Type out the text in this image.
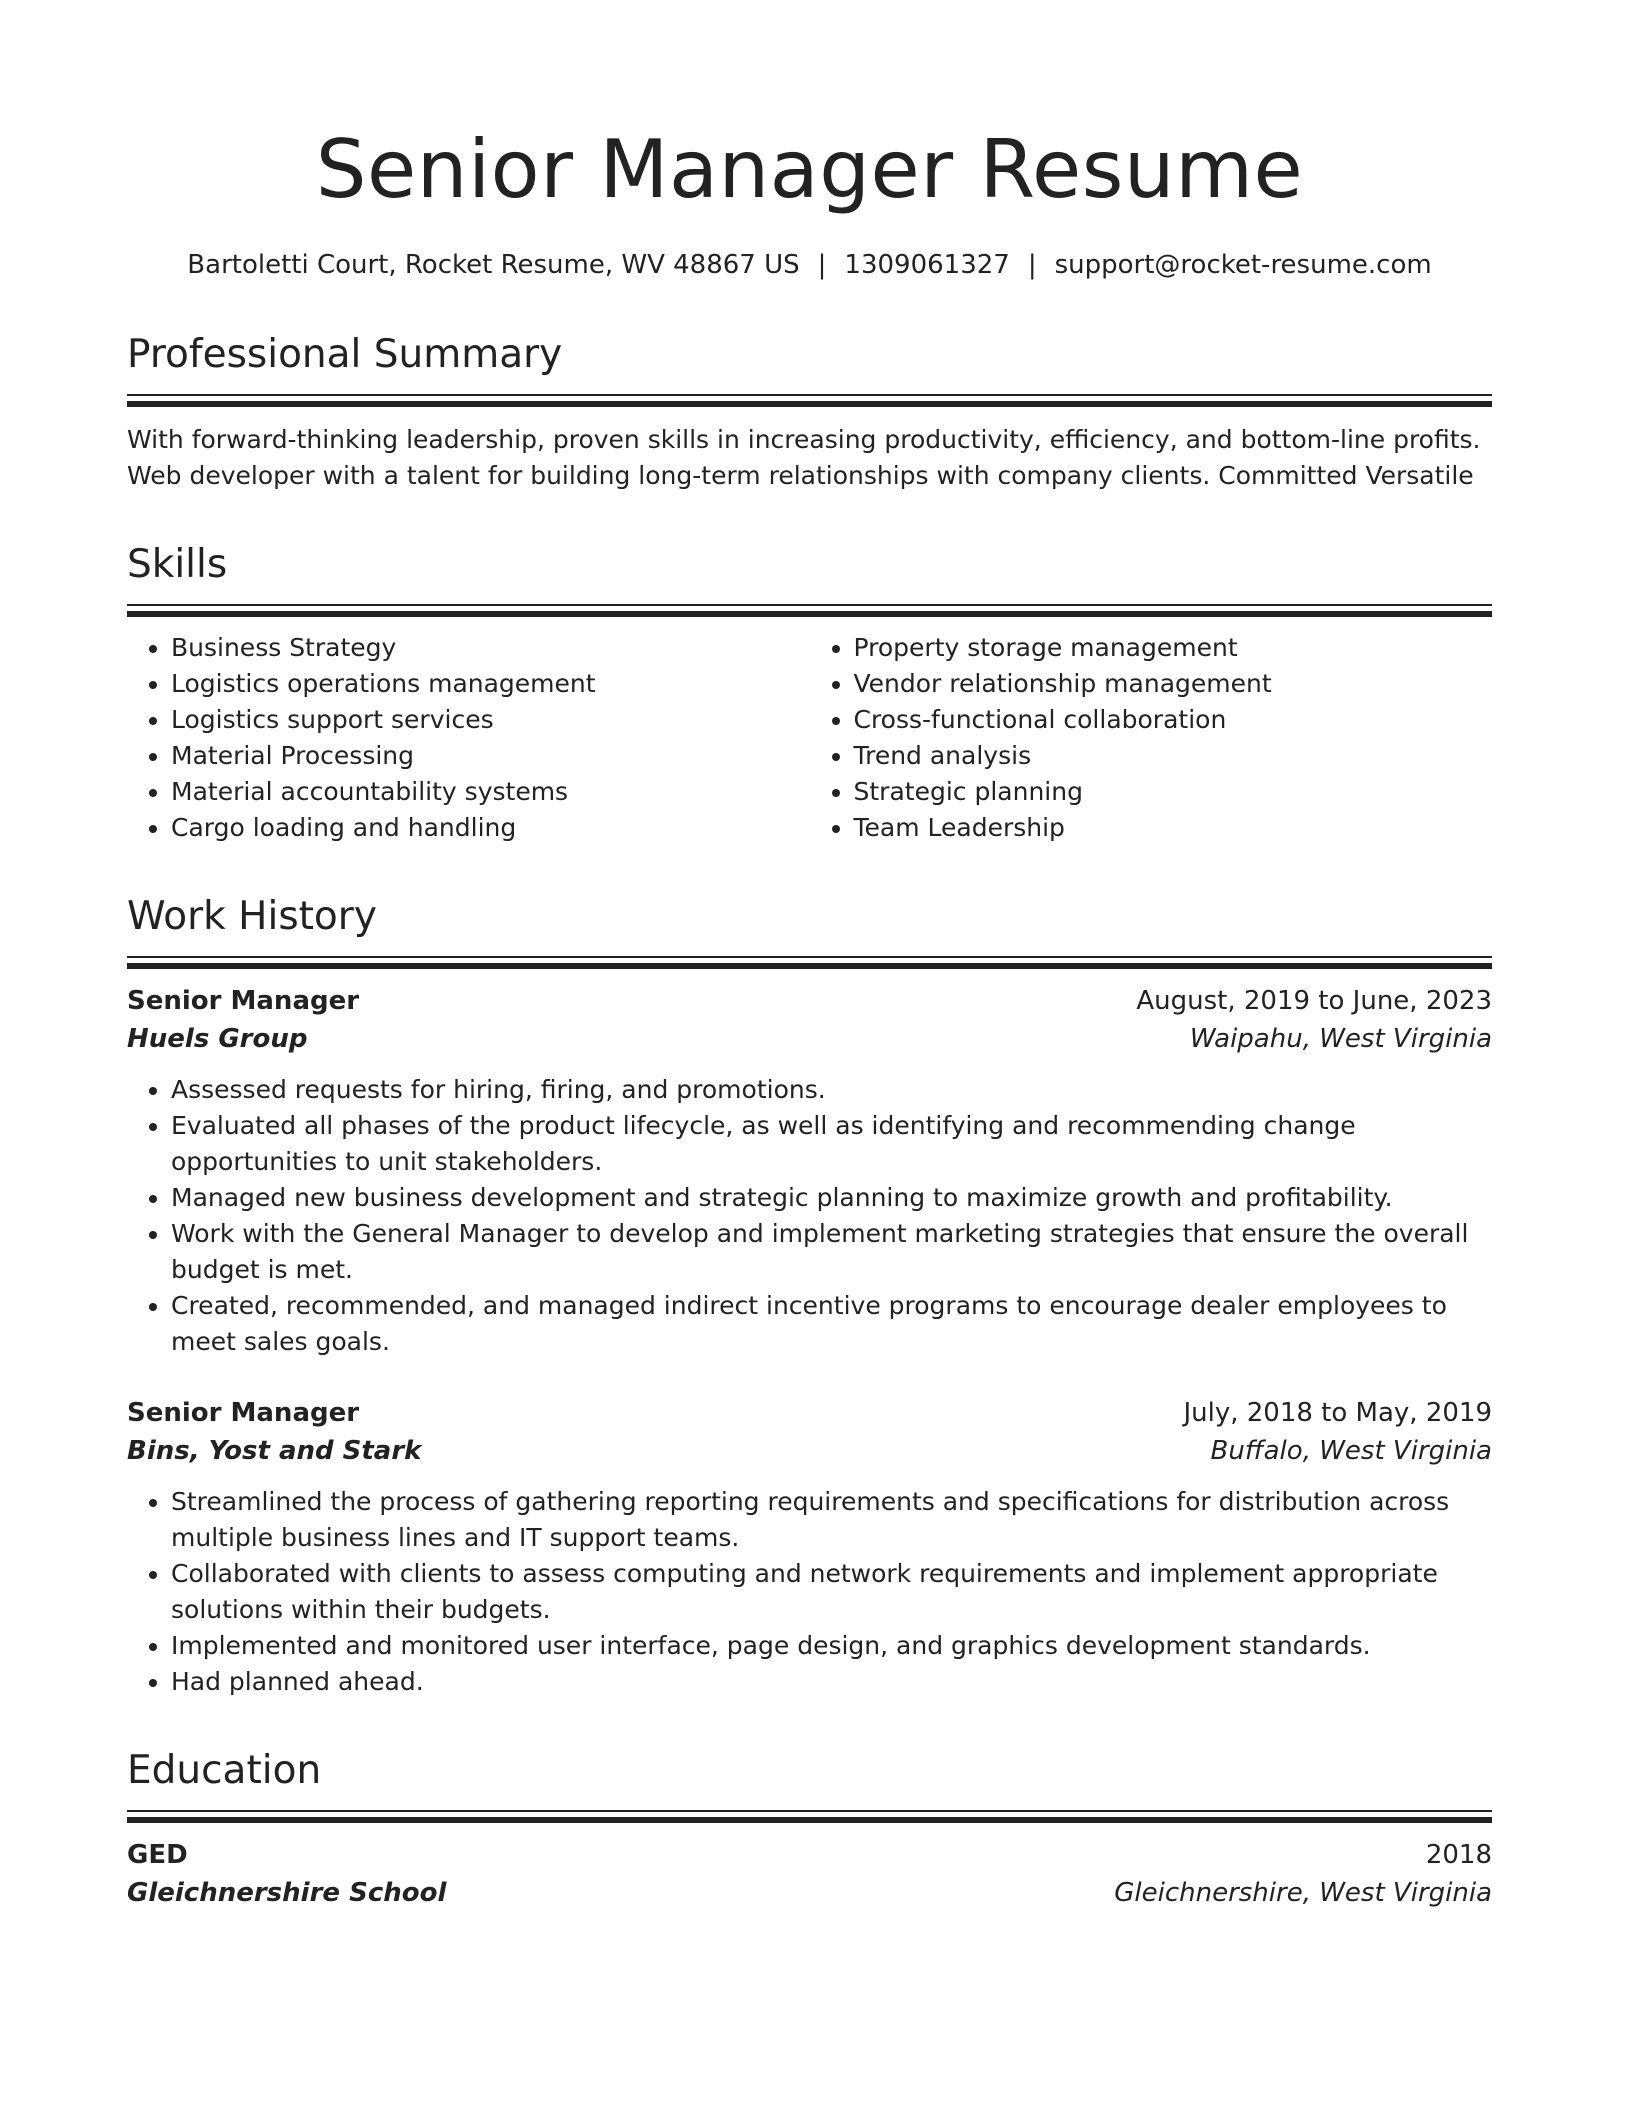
Senior Manager Resume
Bartoletti Court, Rocket Resume, WV 48867 US | 1309061327 | support@rocket-resume.com
Professional Summary
With forward-thinking leadership, proven skills in increasing productivity, efficiency, and bottom-line profits. Web developer with a talent for building long-term relationships with company clients. Committed Versatile
Skills
• Business Strategy
• Logistics operations management
• Logistics support services
• Material Processing
• Material accountability systems
• Cargo loading and handling
• Property storage management
• Vendor relationship management
• Cross-functional collaboration
• Trend analysis
• Strategic planning
• Team Leadership
Work History
Senior Manager	August, 2019 to June, 2023
Huels Group	Waipahu, West Virginia
• Assessed requests for hiring, firing, and promotions.
• Evaluated all phases of the product lifecycle, as well as identifying and recommending change opportunities to unit stakeholders.
• Managed new business development and strategic planning to maximize growth and profitability.
• Work with the General Manager to develop and implement marketing strategies that ensure the overall budget is met.
• Created, recommended, and managed indirect incentive programs to encourage dealer employees to meet sales goals.
Senior Manager	July, 2018 to May, 2019
Bins, Yost and Stark	Buffalo, West Virginia
• Streamlined the process of gathering reporting requirements and specifications for distribution across multiple business lines and IT support teams.
• Collaborated with clients to assess computing and network requirements and implement appropriate solutions within their budgets.
• Implemented and monitored user interface, page design, and graphics development standards.
• Had planned ahead.
Education
GED	2018
Gleichnershire School	Gleichnershire, West Virginia
